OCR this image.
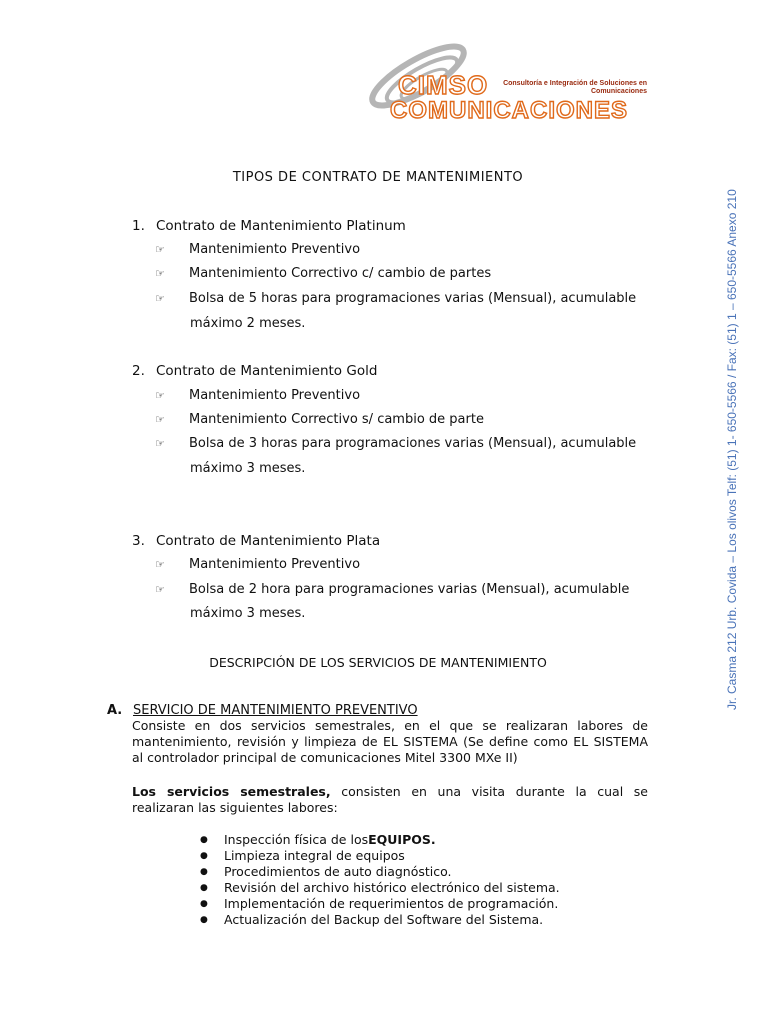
CIMSO
COMUNICACIONES
Consultoría e Integración de Soluciones en
Comunicaciones
Jr. Casma 212 Urb. Covida – Los olivos Telf: (51) 1- 650-5566 / Fax: (51) 1 – 650-5566 Anexo 210
TIPOS DE CONTRATO DE MANTENIMIENTO
1. Contrato de Mantenimiento Platinum
☞ Mantenimiento Preventivo
☞ Mantenimiento Correctivo c/ cambio de partes
☞ Bolsa de 5 horas para programaciones varias (Mensual), acumulable
máximo 2 meses.
2. Contrato de Mantenimiento Gold
☞ Mantenimiento Preventivo
☞ Mantenimiento Correctivo s/ cambio de parte
☞ Bolsa de 3 horas para programaciones varias (Mensual), acumulable
máximo 3 meses.
3. Contrato de Mantenimiento Plata
☞ Mantenimiento Preventivo
☞ Bolsa de 2 hora para programaciones varias (Mensual), acumulable
máximo 3 meses.
DESCRIPCIÓN DE LOS SERVICIOS DE MANTENIMIENTO
A. SERVICIO DE MANTENIMIENTO PREVENTIVO
Consiste en dos servicios semestrales, en el que se realizaran labores de
mantenimiento, revisión y limpieza de EL SISTEMA (Se define como EL SISTEMA
al controlador principal de comunicaciones Mitel 3300 MXe II)
Los servicios semestrales, consisten en una visita durante la cual se
realizaran las siguientes labores:
●	Inspección física de los EQUIPOS.
●	Limpieza integral de equipos
●	Procedimientos de auto diagnóstico.
●	Revisión del archivo histórico electrónico del sistema.
●	Implementación de requerimientos de programación.
●	Actualización del Backup del Software del Sistema.
